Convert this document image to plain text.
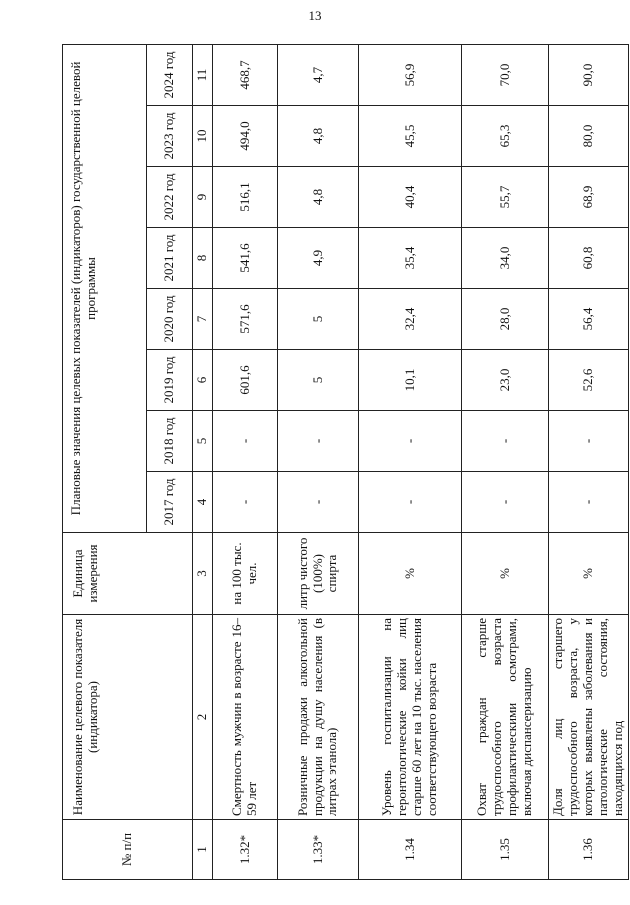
13
№ п/п	Наименование целевого показателя (индикатора)	Единица измерения	Плановые значения целевых показателей (индикаторов) государственной целевой программы							
			2017 год	2018 год	2019 год	2020 год	2021 год	2022 год	2023 год	2024 год
1	2	3	4	5	6	7	8	9	10	11
1.32*	Смертность мужчин в возрасте 16–59 лет	на 100 тыс. чел.	-	-	601,6	571,6	541,6	516,1	494,0	468,7
1.33*	Розничные продажи алкогольной продукции на душу населения (в литрах этанола)	литр чистого (100%) спирта	-	-	5	5	4,9	4,8	4,8	4,7
1.34	Уровень госпитализации на геронтологические койки лиц старше 60 лет на 10 тыс. населения соответствующего возраста	%	-	-	10,1	32,4	35,4	40,4	45,5	56,9
1.35	Охват граждан старше трудоспособного возраста профилактическими осмотрами, включая диспансеризацию	%	-	-	23,0	28,0	34,0	55,7	65,3	70,0
1.36	Доля лиц старшего трудоспособного возраста, у которых выявлены заболевания и патологические состояния, находящихся под	%	-	-	52,6	56,4	60,8	68,9	80,0	90,0
